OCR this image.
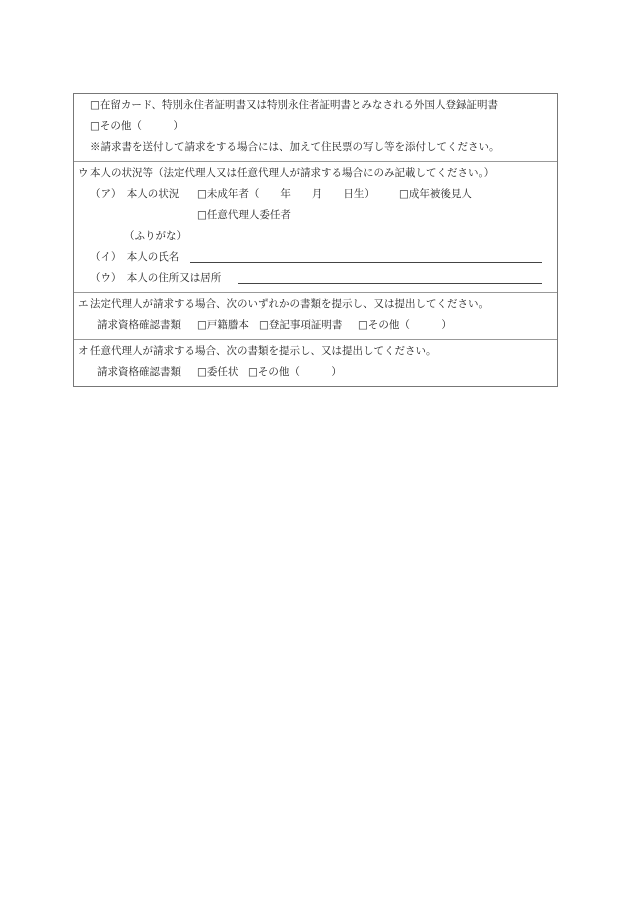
□在留カード、特別永住者証明書又は特別永住者証明書とみなされる外国人登録証明書
□その他（　　　）
※請求書を送付して請求をする場合には、加えて住民票の写し等を添付してください。
ウ 本人の状況等（法定代理人又は任意代理人が請求する場合にのみ記載してください。）
（ア）　本人の状況 □未成年者（　　年　　月　　日生） □成年被後見人
□任意代理人委任者
（ふりがな）
（イ）　本人の氏名
（ウ）　本人の住所又は居所
エ 法定代理人が請求する場合、次のいずれかの書類を提示し、又は提出してください。
請求資格確認書類 □戸籍謄本 □登記事項証明書 □その他（　　　）
オ 任意代理人が請求する場合、次の書類を提示し、又は提出してください。
請求資格確認書類 □委任状 □その他（　　　）
